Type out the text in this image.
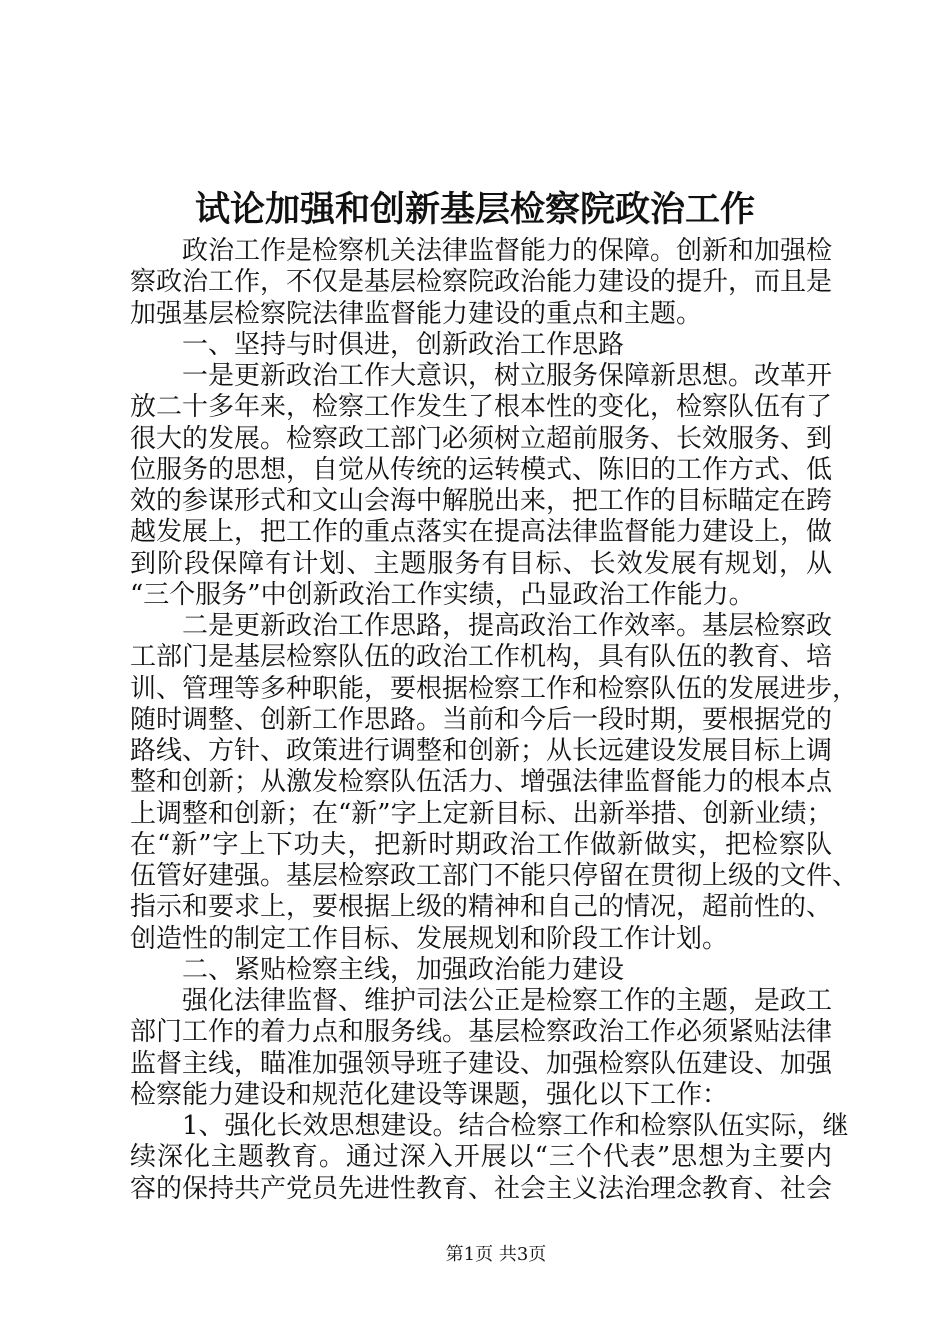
试论加强和创新基层检察院政治工作
政治工作是检察机关法律监督能力的保障。创新和加强检
察政治工作，不仅是基层检察院政治能力建设的提升，而且是
加强基层检察院法律监督能力建设的重点和主题。
一、坚持与时俱进，创新政治工作思路
一是更新政治工作大意识，树立服务保障新思想。改革开
放二十多年来，检察工作发生了根本性的变化，检察队伍有了
很大的发展。检察政工部门必须树立超前服务、长效服务、到
位服务的思想，自觉从传统的运转模式、陈旧的工作方式、低
效的参谋形式和文山会海中解脱出来，把工作的目标瞄定在跨
越发展上，把工作的重点落实在提高法律监督能力建设上，做
到阶段保障有计划、主题服务有目标、长效发展有规划，从
“三个服务”中创新政治工作实绩，凸显政治工作能力。
二是更新政治工作思路，提高政治工作效率。基层检察政
工部门是基层检察队伍的政治工作机构，具有队伍的教育、培
训、管理等多种职能，要根据检察工作和检察队伍的发展进步，
随时调整、创新工作思路。当前和今后一段时期，要根据党的
路线、方针、政策进行调整和创新；从长远建设发展目标上调
整和创新；从激发检察队伍活力、增强法律监督能力的根本点
上调整和创新；在“新”字上定新目标、出新举措、创新业绩；
在“新”字上下功夫，把新时期政治工作做新做实，把检察队
伍管好建强。基层检察政工部门不能只停留在贯彻上级的文件、
指示和要求上，要根据上级的精神和自己的情况，超前性的、
创造性的制定工作目标、发展规划和阶段工作计划。
二、紧贴检察主线，加强政治能力建设
强化法律监督、维护司法公正是检察工作的主题，是政工
部门工作的着力点和服务线。基层检察政治工作必须紧贴法律
监督主线，瞄准加强领导班子建设、加强检察队伍建设、加强
检察能力建设和规范化建设等课题，强化以下工作：
1、强化长效思想建设。结合检察工作和检察队伍实际，继
续深化主题教育。通过深入开展以“三个代表”思想为主要内
容的保持共产党员先进性教育、社会主义法治理念教育、社会
第1页 共3页
